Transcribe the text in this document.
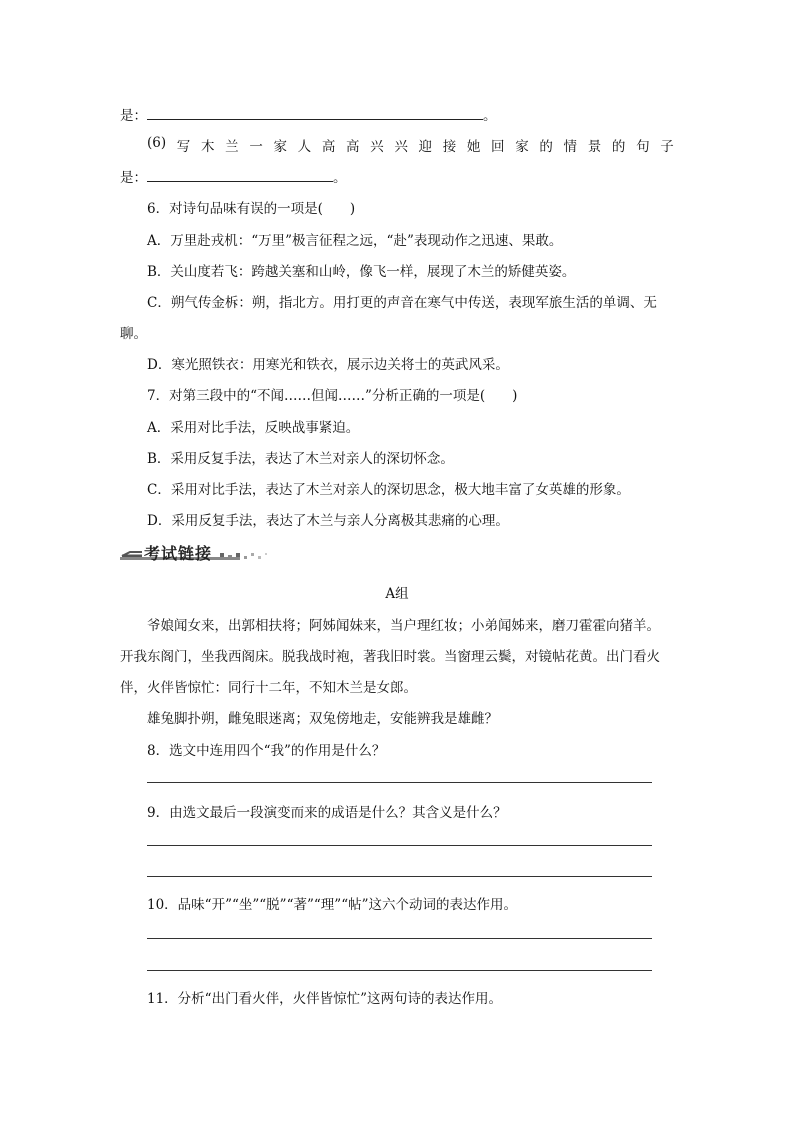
是：	。
(6) 写 木 兰 一 家 人 高 高 兴 兴 迎 接 她 回 家 的 情 景 的 句 子
是：	。
6．对诗句品味有误的一项是(　　)
A．万里赴戎机：“万里”极言征程之远，“赴”表现动作之迅速、果敢。
B．关山度若飞：跨越关塞和山岭，像飞一样，展现了木兰的矫健英姿。
C．朔气传金柝：朔，指北方。用打更的声音在寒气中传送，表现军旅生活的单调、无
聊。
D．寒光照铁衣：用寒光和铁衣，展示边关将士的英武风采。
7．对第三段中的“不闻……但闻……”分析正确的一项是(　　)
A．采用对比手法，反映战事紧迫。
B．采用反复手法，表达了木兰对亲人的深切怀念。
C．采用对比手法，表达了木兰对亲人的深切思念，极大地丰富了女英雄的形象。
D．采用反复手法，表达了木兰与亲人分离极其悲痛的心理。
考试链接
A组
爷娘闻女来，出郭相扶将；阿姊闻妹来，当户理红妆；小弟闻姊来，磨刀霍霍向猪羊。
开我东阁门，坐我西阁床。脱我战时袍，著我旧时裳。当窗理云鬓，对镜帖花黄。出门看火
伴，火伴皆惊忙：同行十二年，不知木兰是女郎。
雄兔脚扑朔，雌兔眼迷离；双兔傍地走，安能辨我是雄雌？
8．选文中连用四个“我”的作用是什么？
9．由选文最后一段演变而来的成语是什么？其含义是什么？
10．品味“开”“坐”“脱”“著”“理”“帖”这六个动词的表达作用。
11．分析“出门看火伴，火伴皆惊忙”这两句诗的表达作用。
